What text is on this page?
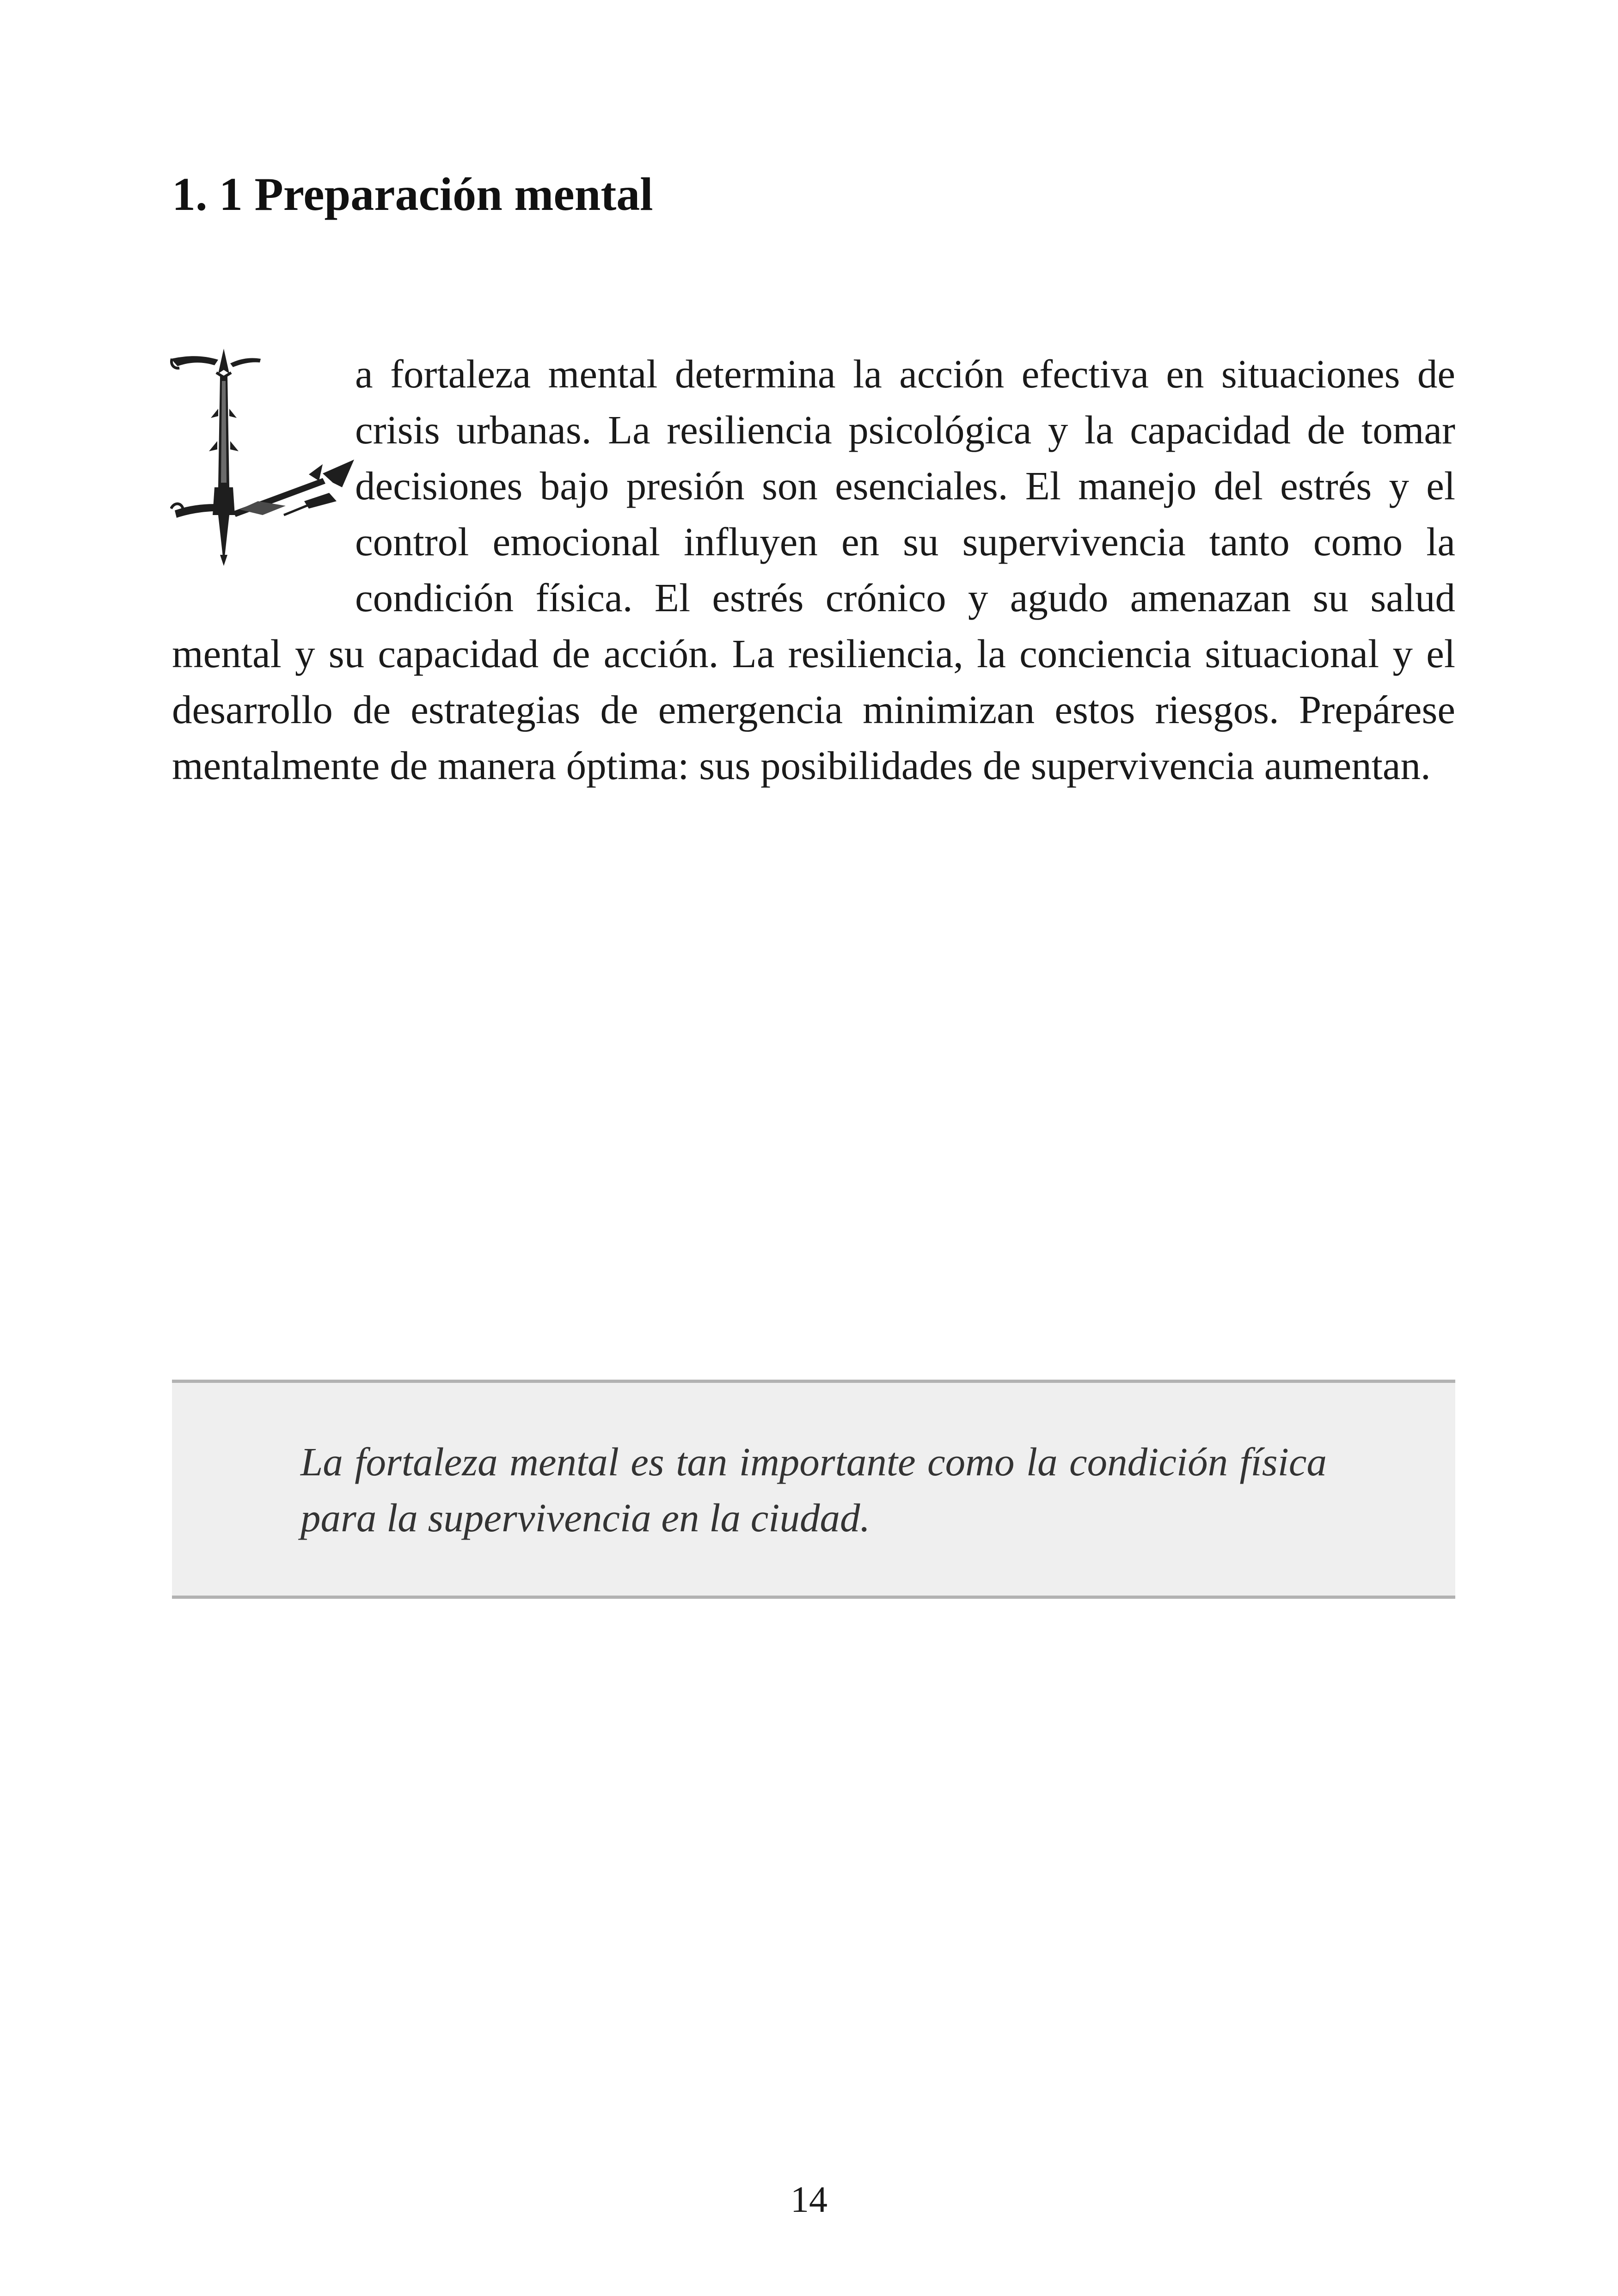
1. 1 Preparación mental

a fortaleza mental determina la acción efectiva en situaciones de crisis urbanas. La resiliencia psicológica y la capacidad de tomar decisiones bajo presión son esenciales. El manejo del estrés y el control emocional influyen en su supervivencia tanto como la condición física. El estrés crónico y agudo amenazan su salud mental y su capacidad de acción. La resiliencia, la conciencia situacional y el desarrollo de estrategias de emergencia minimizan estos riesgos. Prepárese mentalmente de manera óptima: sus posibilidades de supervivencia aumentan.

La fortaleza mental es tan importante como la condición física para la supervivencia en la ciudad.

14
